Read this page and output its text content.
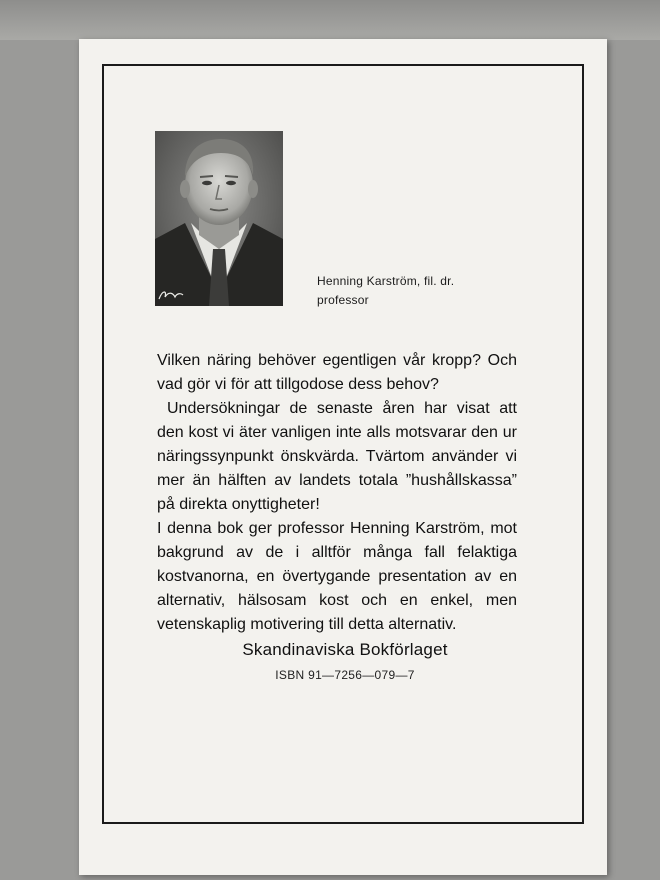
Henning Karström, fil. dr.
professor

Vilken näring behöver egentligen vår kropp? Och vad gör vi för att tillgodose dess behov?

Undersökningar de senaste åren har visat att den kost vi äter vanligen inte alls motsvarar den ur näringssynpunkt önskvärda. Tvärtom använder vi mer än hälften av landets totala ”hushållskassa” på direkta onyttigheter!

I denna bok ger professor Henning Karström, mot bakgrund av de i alltför många fall felaktiga kostvanorna, en övertygande presentation av en alternativ, hälsosam kost och en enkel, men vetenskaplig motivering till detta alternativ.

Skandinaviska Bokförlaget
ISBN 91—7256—079—7
